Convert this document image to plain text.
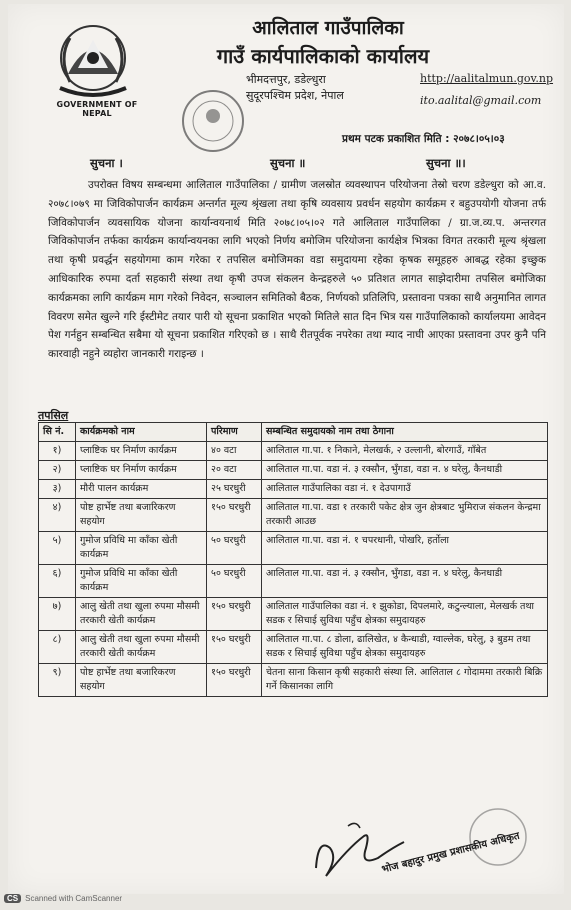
GOVERNMENT OF NEPAL
आलिताल गाउँपालिका
गाउँ कार्यपालिकाको कार्यालय
भीमदत्तपुर, डडेल्धुरा
सुदूरपश्चिम प्रदेश, नेपाल
http://aalitalmun.gov.np
ito.aalital@gmail.com
प्रथम पटक प्रकाशित मिति : २०७८।०५।०३
सुचना ।	सुचना ॥	सुचना ॥।

उपरोक्त विषय सम्बन्धमा आलिताल गाउँपालिका / ग्रामीण जलस्रोत व्यवस्थापन परियोजना तेस्रो चरण डडेल्धुरा को आ.व. २०७८।०७९ मा जिविकोपार्जन कार्यक्रम अन्तर्गत मूल्य श्रृंखला तथा कृषि व्यवसाय प्रवर्धन सहयोग कार्यक्रम र बहुउपयोगी योजना तर्फ जिविकोपार्जन व्यवसायिक योजना कार्यान्वयनार्थ मिति २०७८।०५।०२ गते आलिताल गाउँपालिका / ग्रा.ज.व्य.प. अन्तरगत जिविकोपार्जन तर्फका कार्यक्रम कार्यान्वयनका लागि भएको निर्णय बमोजिम परियोजना कार्यक्षेत्र भित्रका विगत तरकारी मूल्य श्रृंखला तथा कृषी प्रवर्द्धन सहयोगमा काम गरेका र तपसिल बमोजिमका वडा समुदायमा रहेका कृषक समूहहरु आबद्ध रहेका इच्छुक आधिकारिक रुपमा दर्ता सहकारी संस्था तथा कृषी उपज संकलन केन्द्रहरुले ५० प्रतिशत लागत साझेदारीमा तपसिल बमोजिका कार्यक्रमका लागि कार्यक्रम माग गरेको निवेदन, सञ्चालन समितिको बैठक, निर्णयको प्रतिलिपि, प्रस्तावना पत्रका साथै अनुमानित लागत विवरण समेत खुल्ने गरि ईस्टीमेट तयार पारी यो सूचना प्रकाशित भएको मितिले सात दिन भित्र यस गाउँपालिकाको कार्यालयमा आवेदन पेश गर्नहुन सम्बन्धित सबैमा यो सूचना प्रकाशित गरिएको छ । साथै रीतपूर्वक नपरेका तथा म्याद नाघी आएका प्रस्तावना उपर कुनै पनि कारवाही नहुने व्यहोरा जानकारी गराइन्छ ।

तपसिल
सि नं.	कार्यक्रमको नाम	परिमाण	सम्बन्धित समुदायको नाम तथा ठेगाना
१)	प्लाष्टिक घर निर्माण कार्यक्रम	४० वटा	आलिताल गा.पा. १ निकाने, मेलखर्क, २ उल्लानी, बोरगाउँ, गाँबेत
२)	प्लाष्टिक घर निर्माण कार्यक्रम	२० वटा	आलिताल गा.पा. वडा नं. ३ रक्सौन, भुँगडा, वडा न. ४ घरेलु, कैनधाडी
३)	मौरी पालन कार्यक्रम	२५ घरधुरी	आलिताल गाउँपालिका वडा नं. १ देउपागाउँ
४)	पोष्ट हार्भेष्ट तथा बजारिकरण सहयोग	१५० घरधुरी	आलिताल गा.पा. वडा १ तरकारी पकेट क्षेत्र जुन क्षेत्रबाट भुमिराज संकलन केन्द्रमा तरकारी आउछ
५)	गुमोज प्रविधि मा काँका खेती कार्यक्रम	५० घरधुरी	आलिताल गा.पा. वडा नं. १ चपरधानी, पोखरि, हर्तोला
६)	गुमोज प्रविधि मा काँका खेती कार्यक्रम	५० घरधुरी	आलिताल गा.पा. वडा नं. ३ रक्सौन, भुँगडा, वडा न. ४ घरेलु, कैनधाडी
७)	आलु खेती तथा खुला रुपमा मौसमी तरकारी खेती कार्यक्रम	१५० घरधुरी	आलिताल गाउँपालिका वडा नं. १ झुकोडा, दिपलमारे, कटुन्ल्याला, मेलखर्क तथा सडक र सिचाई सुविधा पहुँच क्षेत्रका समुदायहरु
८)	आलु खेती तथा खुला रुपमा मौसमी तरकारी खेती कार्यक्रम	१५० घरधुरी	आलिताल गा.पा. ८ डोला, ढालिखेत, ४ कैन्धाडी, ग्वाल्लेक, घरेलु, ३ बुडम तथा सडक र सिचाई सुविधा पहुँच क्षेत्रका समुदायहरु
९)	पोष्ट हार्भेष्ट तथा बजारिकरण सहयोग	१५० घरधुरी	चेतना साना किसान कृषी सहकारी संस्था लि. आलिताल ८ गोदाममा तरकारी बिक्रि गर्ने किसानका लागि
भोज बहादुर प्रमुख प्रशासकीय अधिकृत
CS Scanned with CamScanner
